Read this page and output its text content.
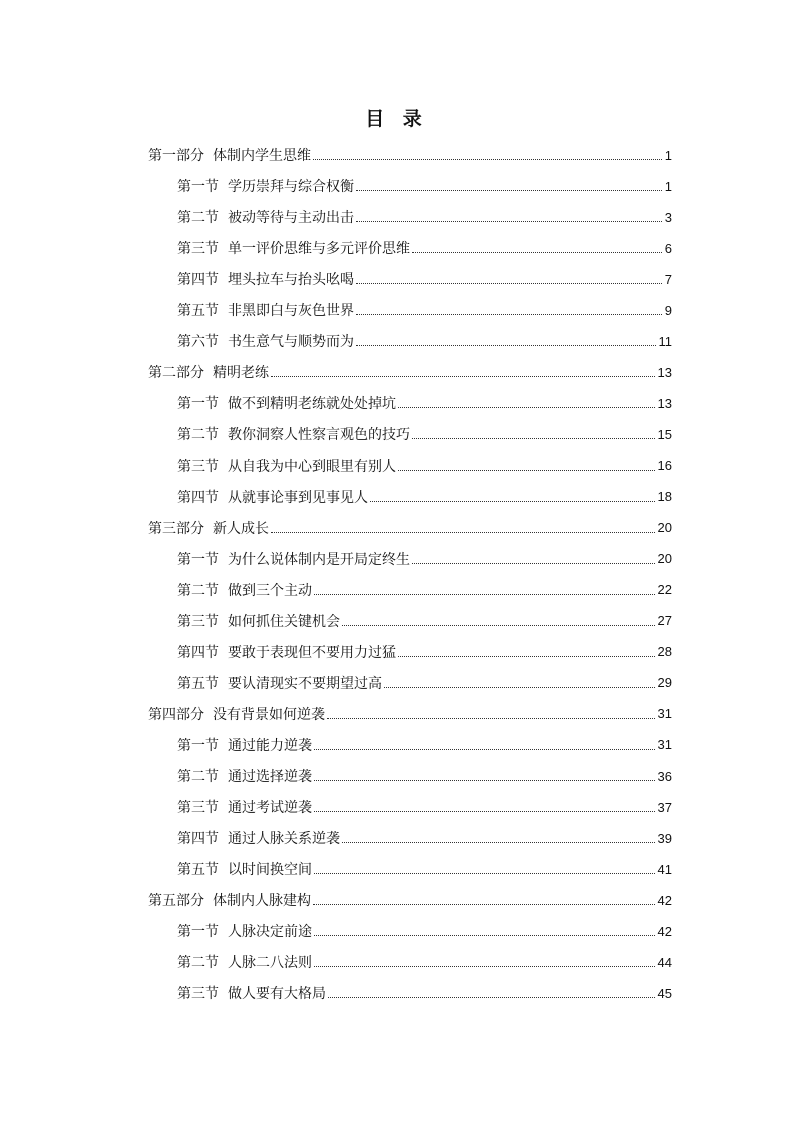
目 录
第一部分 体制内学生思维	1
第一节 学历崇拜与综合权衡	1
第二节 被动等待与主动出击	3
第三节 单一评价思维与多元评价思维	6
第四节 埋头拉车与抬头吆喝	7
第五节 非黑即白与灰色世界	9
第六节 书生意气与顺势而为	11
第二部分 精明老练	13
第一节 做不到精明老练就处处掉坑	13
第二节 教你洞察人性察言观色的技巧	15
第三节 从自我为中心到眼里有别人	16
第四节 从就事论事到见事见人	18
第三部分 新人成长	20
第一节 为什么说体制内是开局定终生	20
第二节 做到三个主动	22
第三节 如何抓住关键机会	27
第四节 要敢于表现但不要用力过猛	28
第五节 要认清现实不要期望过高	29
第四部分 没有背景如何逆袭	31
第一节 通过能力逆袭	31
第二节 通过选择逆袭	36
第三节 通过考试逆袭	37
第四节 通过人脉关系逆袭	39
第五节 以时间换空间	41
第五部分 体制内人脉建构	42
第一节 人脉决定前途	42
第二节 人脉二八法则	44
第三节 做人要有大格局	45
